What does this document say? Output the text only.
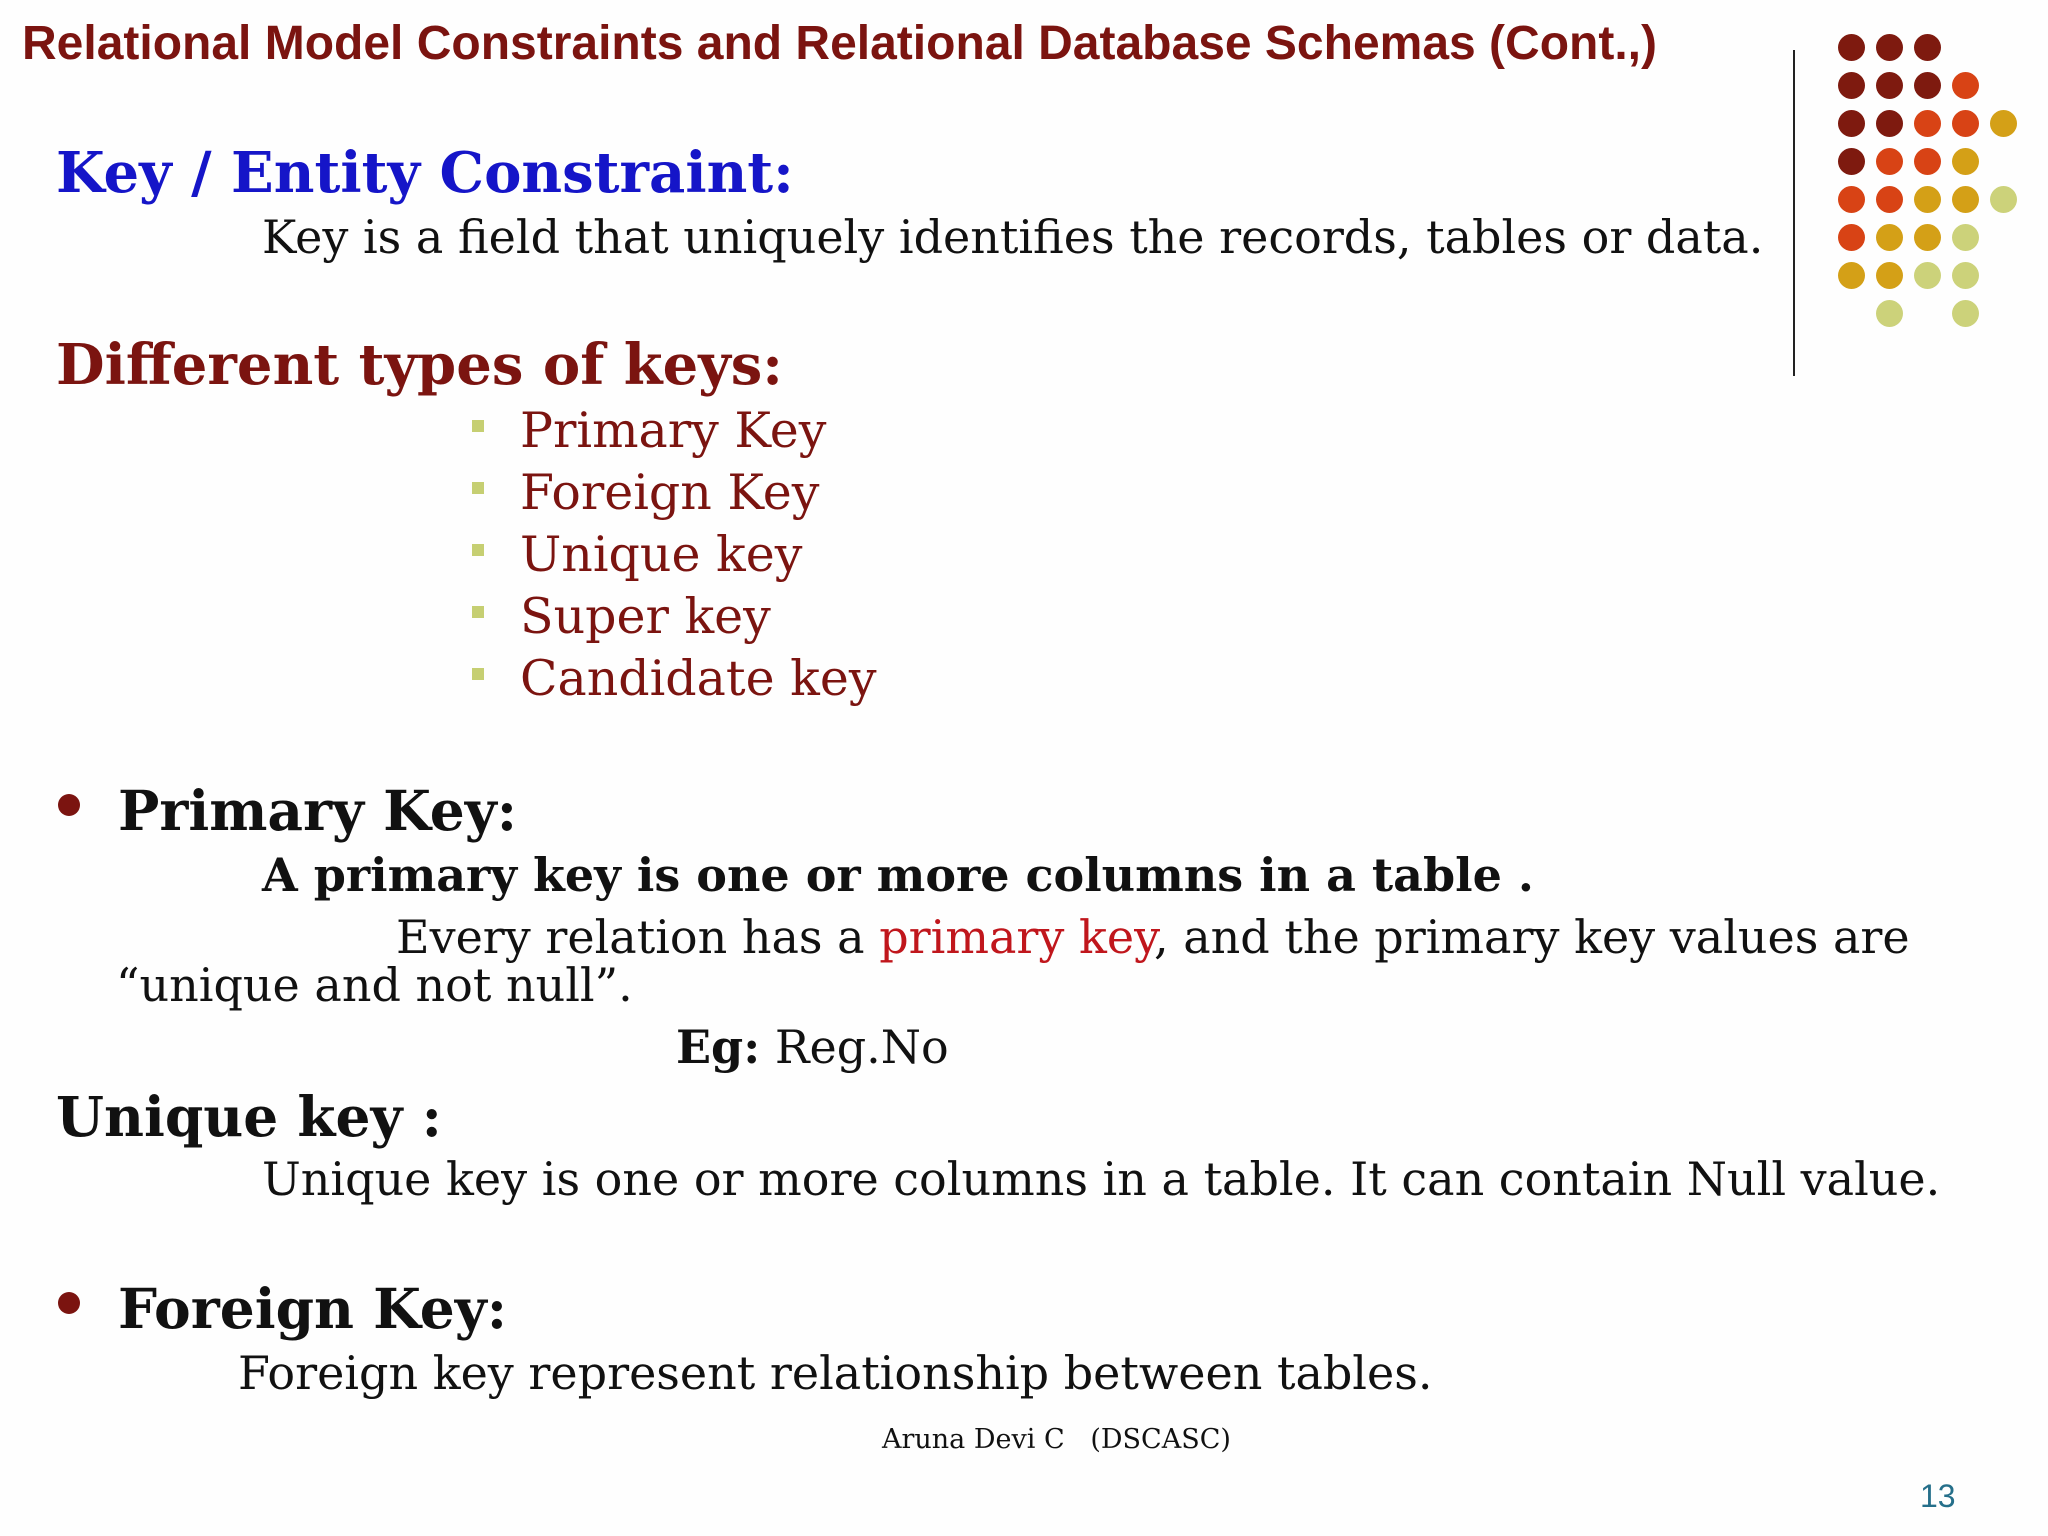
Relational Model Constraints and Relational Database Schemas (Cont.,)
Key / Entity Constraint:
Key is a field that uniquely identifies the records, tables or data.
Different types of keys:
Primary Key
Foreign Key
Unique key
Super key
Candidate key
Primary Key:
A primary key is one or more columns in a table .
Every relation has a primary key, and the primary key values are
“unique and not null”.
Eg: Reg.No
Unique key :
Unique key is one or more columns in a table. It can contain Null value.
Foreign Key:
Foreign key represent relationship between tables.
Aruna Devi C   (DSCASC)
13
